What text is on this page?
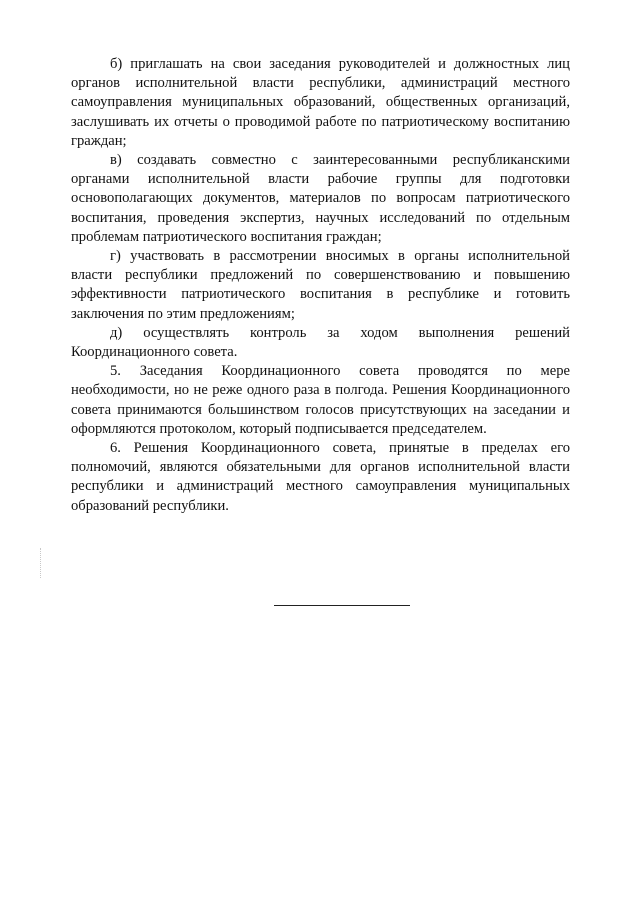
б) приглашать на свои заседания руководителей и должностных лиц органов исполнительной власти республики, администраций местного самоуправления муниципальных образований, общественных организаций, заслушивать их отчеты о проводимой работе по патриотическому воспитанию граждан;

в) создавать совместно с заинтересованными республиканскими органами исполнительной власти рабочие группы для подготовки основополагающих документов, материалов по вопросам патриотического воспитания, проведения экспертиз, научных исследований по отдельным проблемам патриотического воспитания граждан;

г) участвовать в рассмотрении вносимых в органы исполнительной власти республики предложений по совершенствованию и повышению эффективности патриотического воспитания в республике и готовить заключения по этим предложениям;

д) осуществлять контроль за ходом выполнения решений Координационного совета.

5. Заседания Координационного совета проводятся по мере необходимости, но не реже одного раза в полгода. Решения Координационного совета принимаются большинством голосов присутствующих на заседании и оформляются протоколом, который подписывается председателем.

6. Решения Координационного совета, принятые в пределах его полномочий, являются обязательными для органов исполнительной власти республики и администраций местного самоуправления муниципальных образований республики.
